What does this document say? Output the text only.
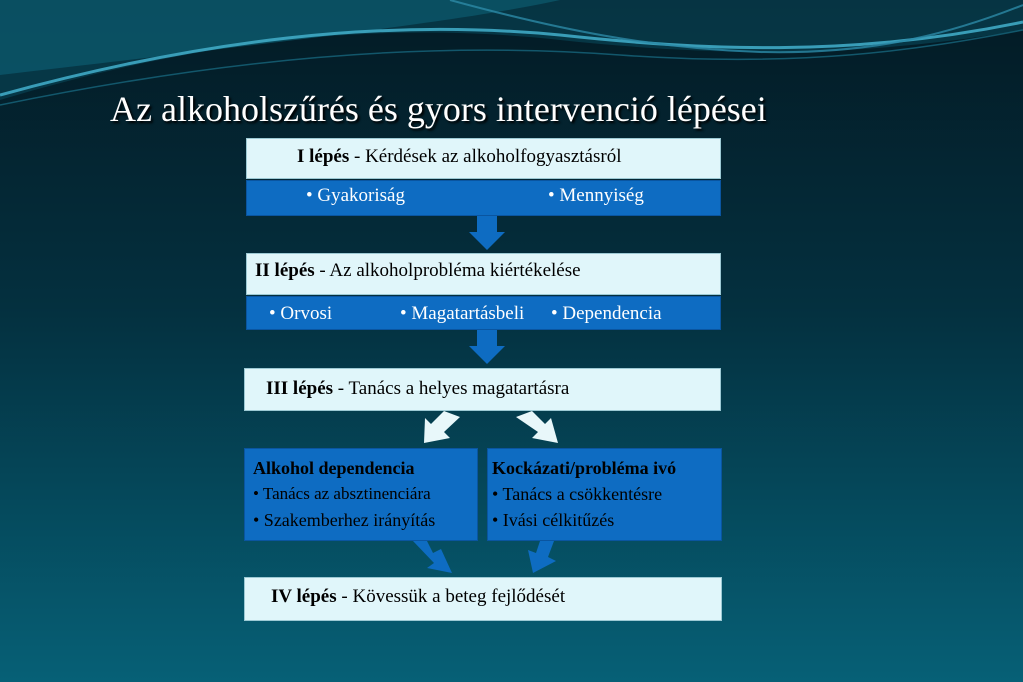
Az alkoholszűrés és gyors intervenció lépései
I lépés - Kérdések az alkoholfogyasztásról
• Gyakoriság	• Mennyiség
II lépés - Az alkoholprobléma kiértékelése
• Orvosi	• Magatartásbeli • Dependencia
III lépés - Tanács a helyes magatartásra
Alkohol dependencia
• Tanács az absztinenciára
• Szakemberhez irányítás
Kockázati/probléma ivó
• Tanács a csökkentésre
• Ivási célkitűzés
IV lépés - Kövessük a beteg fejlődését
